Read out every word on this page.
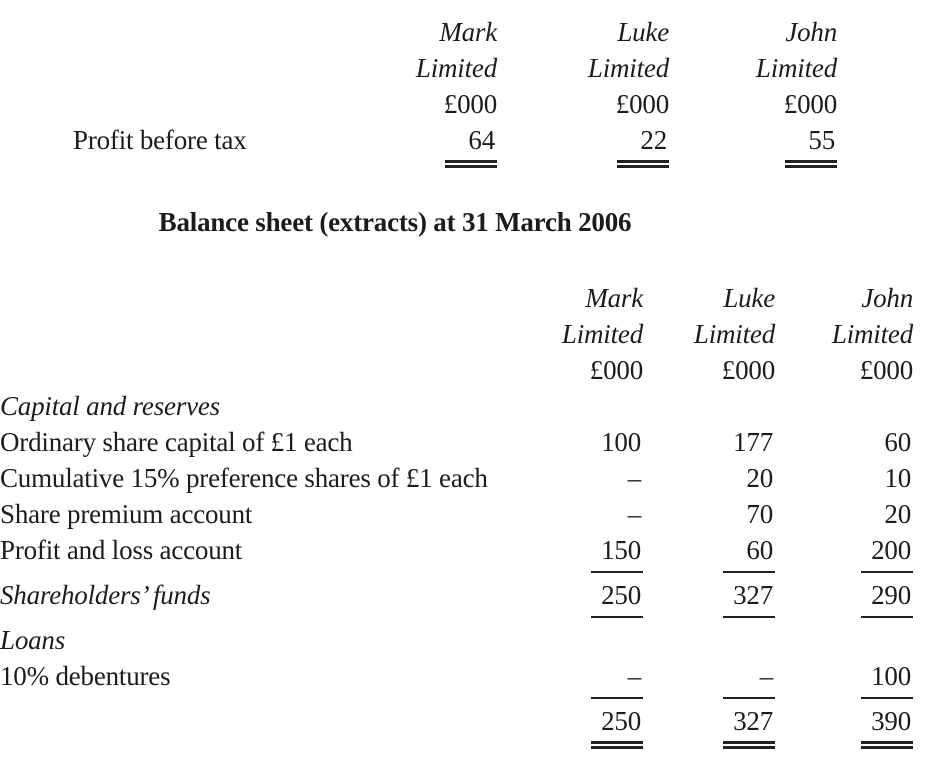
Mark	Luke	John
Limited	Limited	Limited
£000	£000	£000
Profit before tax	64	22	55
Balance sheet (extracts) at 31 March 2006
Mark	Luke	John
Limited	Limited	Limited
£000	£000	£000
Capital and reserves
Ordinary share capital of £1 each	100	177	60
Cumulative 15% preference shares of £1 each	–	20	10
Share premium account	–	70	20
Profit and loss account	150	60	200
Shareholders’ funds	250	327	290
Loans
10% debentures	–	–	100
250	327	390
